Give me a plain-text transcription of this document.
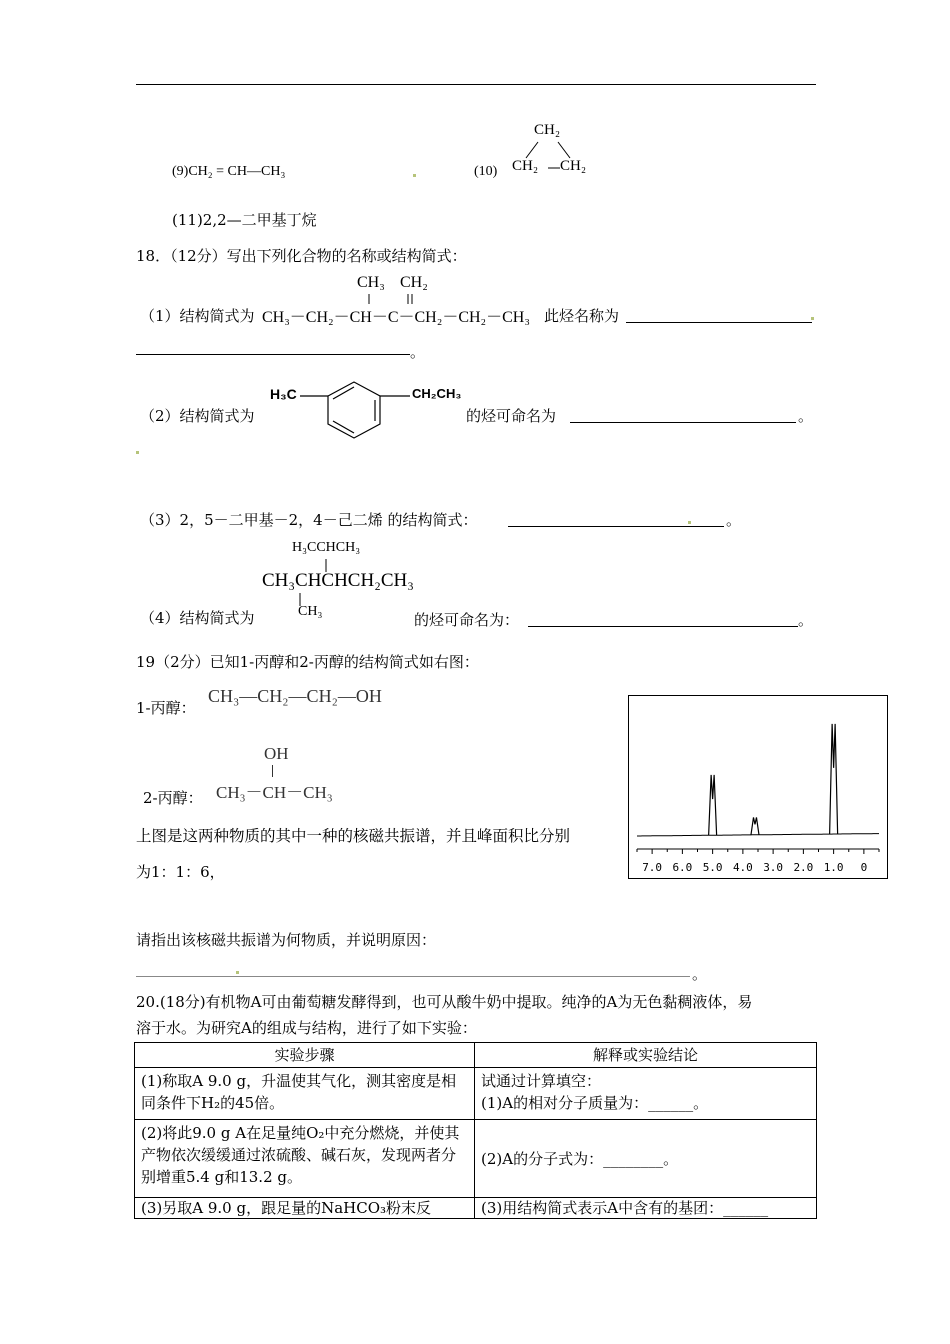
(9)CH₂ = CH—CH₃	(10)
CH₂
CH₂ CH₂
(11)2,2—二甲基丁烷
18．（12分）写出下列化合物的名称或结构简式：
（1）结构简式为
CH₃ CH₂
CH₃－CH₂－CH－C－CH₂－CH₂－CH₃ 此烃名称为
。
（2）结构简式为
H₃C	CH₂CH₃
的烃可命名为	。
（3）2，5－二甲基－2，4－己二烯 的结构简式：	。
H₃CCHCH₃
CH₃CHCHCH₂CH₃
CH₃
（4）结构简式为	的烃可命名为：	。
19（2分）已知1-丙醇和2-丙醇的结构简式如右图：
1-丙醇：
CH₃—CH₂—CH₂—OH
OH
2-丙醇： CH₃－CH－CH₃
上图是这两种物质的其中一种的核磁共振谱，并且峰面积比分别
为1：1：6，	7.0 6.0 5.0 4.0 3.0 2.0 1.0 0
请指出该核磁共振谱为何物质，并说明原因：
。
20.(18分)有机物A可由葡萄糖发酵得到，也可从酸牛奶中提取。纯净的A为无色黏稠液体，易
溶于水。为研究A的组成与结构，进行了如下实验：
实验步骤	解释或实验结论
(1)称取A 9.0 g，升温使其气化，测其密度是相同条件下H₂的45倍。	试通过计算填空：
(1)A的相对分子质量为：______。
(2)将此9.0 g A在足量纯O₂中充分燃烧，并使其产物依次缓缓通过浓硫酸、碱石灰，发现两者分别增重5.4 g和13.2 g。	(2)A的分子式为：________。
(3)另取A 9.0 g，跟足量的NaHCO₃粉末反	(3)用结构简式表示A中含有的基团：______
